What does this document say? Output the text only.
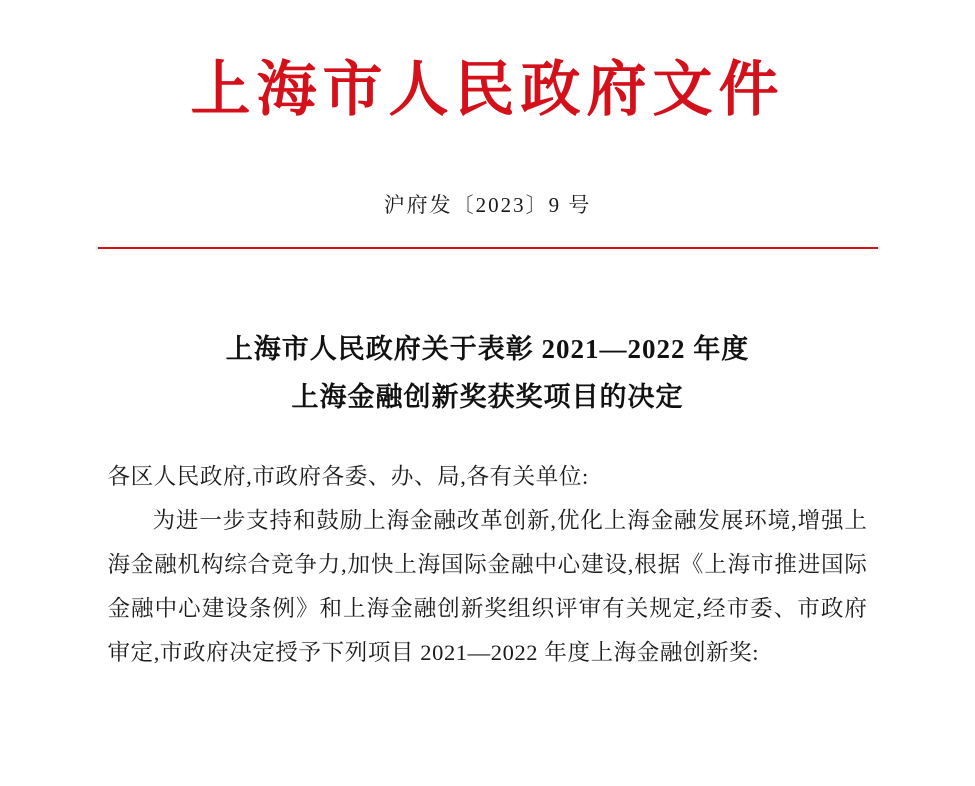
上海市人民政府文件
沪府发〔2023〕9 号
上海市人民政府关于表彰 2021—2022 年度
上海金融创新奖获奖项目的决定

各区人民政府,市政府各委、办、局,各有关单位:

为进一步支持和鼓励上海金融改革创新,优化上海金融发展环境,增强上海金融机构综合竞争力,加快上海国际金融中心建设,根据《上海市推进国际金融中心建设条例》和上海金融创新奖组织评审有关规定,经市委、市政府审定,市政府决定授予下列项目 2021—2022 年度上海金融创新奖:
